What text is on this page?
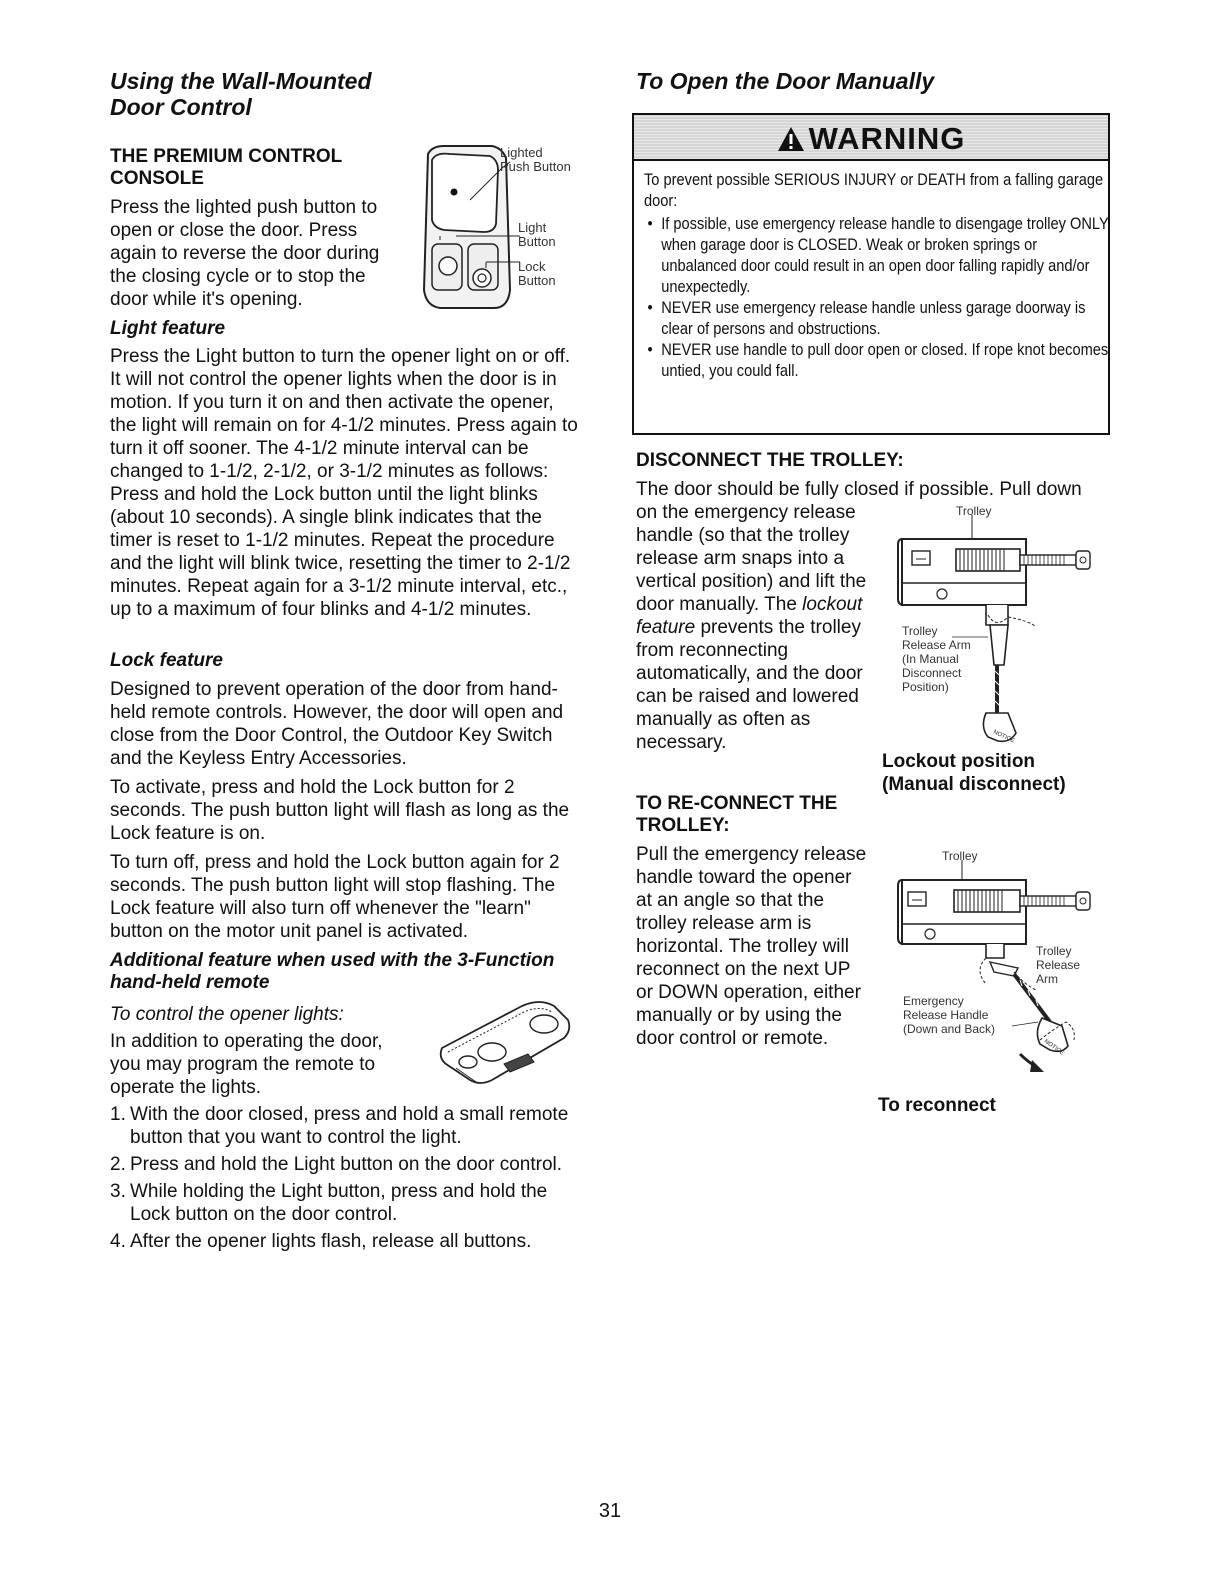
Using the Wall-Mounted
Door Control
THE PREMIUM CONTROL
CONSOLE
Press the lighted push button to open or close the door. Press again to reverse the door during the closing cycle or to stop the door while it's opening.
Lighted
Push Button
Light
Button
Lock
Button
Light feature
Press the Light button to turn the opener light on or off. It will not control the opener lights when the door is in motion. If you turn it on and then activate the opener, the light will remain on for 4-1/2 minutes. Press again to turn it off sooner. The 4-1/2 minute interval can be changed to 1-1/2, 2-1/2, or 3-1/2 minutes as follows: Press and hold the Lock button until the light blinks (about 10 seconds). A single blink indicates that the timer is reset to 1-1/2 minutes. Repeat the procedure and the light will blink twice, resetting the timer to 2-1/2 minutes. Repeat again for a 3-1/2 minute interval, etc., up to a maximum of four blinks and 4-1/2 minutes.
Lock feature

Designed to prevent operation of the door from hand-held remote controls. However, the door will open and close from the Door Control, the Outdoor Key Switch and the Keyless Entry Accessories.

To activate, press and hold the Lock button for 2 seconds. The push button light will flash as long as the Lock feature is on.

To turn off, press and hold the Lock button again for 2 seconds. The push button light will stop flashing. The Lock feature will also turn off whenever the "learn" button on the motor unit panel is activated.

Additional feature when used with the 3-Function hand-held remote
To control the opener lights:
In addition to operating the door, you may program the remote to operate the lights.
1. With the door closed, press and hold a small remote button that you want to control the light.
2. Press and hold the Light button on the door control.
3. While holding the Light button, press and hold the Lock button on the door control.
4. After the opener lights flash, release all buttons.
To Open the Door Manually
WARNING
To prevent possible SERIOUS INJURY or DEATH from a falling garage door:
• If possible, use emergency release handle to disengage trolley ONLY when garage door is CLOSED. Weak or broken springs or unbalanced door could result in an open door falling rapidly and/or unexpectedly.
• NEVER use emergency release handle unless garage doorway is clear of persons and obstructions.
• NEVER use handle to pull door open or closed. If rope knot becomes untied, you could fall.
DISCONNECT THE TROLLEY:
The door should be fully closed if possible. Pull down
on the emergency release handle (so that the trolley release arm snaps into a vertical position) and lift the door manually. The lockout feature prevents the trolley from reconnecting automatically, and the door can be raised and lowered manually as often as necessary.	NOTICE
Trolley
Trolley
Release Arm
(In Manual
Disconnect
Position)
Lockout position
(Manual disconnect)
TO RE-CONNECT THE
TROLLEY:
Pull the emergency release handle toward the opener at an angle so that the trolley release arm is horizontal. The trolley will reconnect on the next UP or DOWN operation, either manually or by using the door control or remote.	NOTICE
Trolley
Trolley
Release
Arm
Emergency
Release Handle
(Down and Back)
To reconnect
31
